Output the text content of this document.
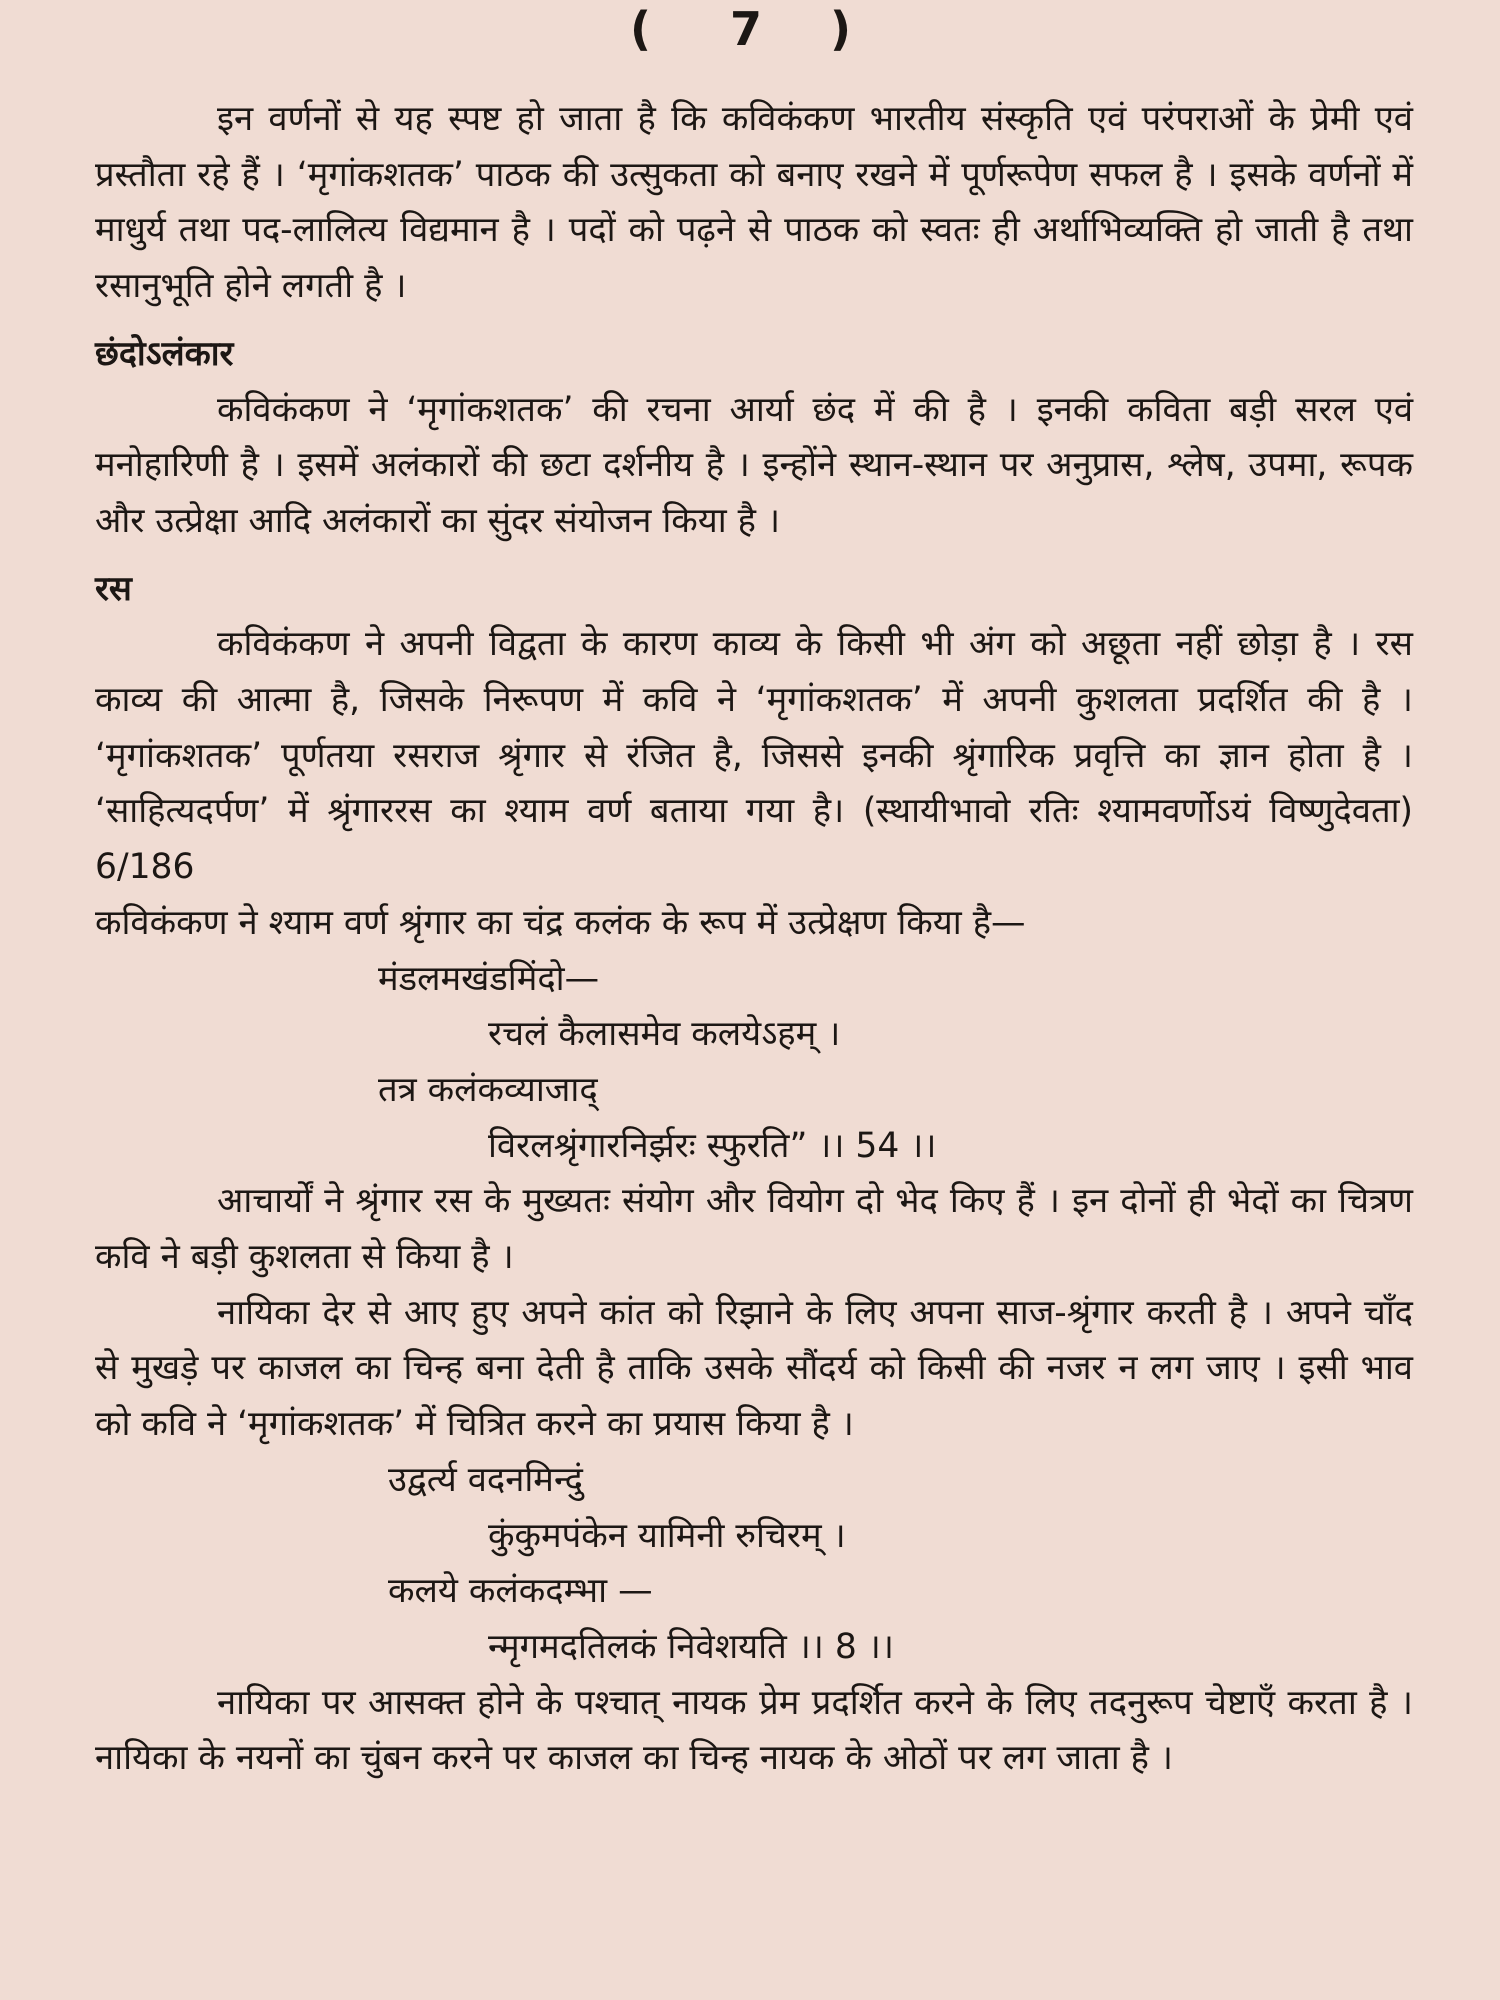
( 7 )

इन वर्णनों से यह स्पष्ट हो जाता है कि कविकंकण भारतीय संस्कृति एवं परंपराओं के प्रेमी एवं प्रस्तौता रहे हैं । ‘मृगांकशतक’ पाठक की उत्सुकता को बनाए रखने में पूर्णरूपेण सफल है । इसके वर्णनों में माधुर्य तथा पद-लालित्य विद्यमान है । पदों को पढ़ने से पाठक को स्वतः ही अर्थाभिव्यक्ति हो जाती है तथा रसानुभूति होने लगती है ।

छंदोऽलंकार

कविकंकण ने ‘मृगांकशतक’ की रचना आर्या छंद में की है । इनकी कविता बड़ी सरल एवं मनोहारिणी है । इसमें अलंकारों की छटा दर्शनीय है । इन्होंने स्थान-स्थान पर अनुप्रास, श्लेष, उपमा, रूपक और उत्प्रेक्षा आदि अलंकारों का सुंदर संयोजन किया है ।

रस

कविकंकण ने अपनी विद्वता के कारण काव्य के किसी भी अंग को अछूता नहीं छोड़ा है । रस काव्य की आत्मा है, जिसके निरूपण में कवि ने ‘मृगांकशतक’ में अपनी कुशलता प्रदर्शित की है । ‘मृगांकशतक’ पूर्णतया रसराज श्रृंगार से रंजित है, जिससे इनकी श्रृंगारिक प्रवृत्ति का ज्ञान होता है । ‘साहित्यदर्पण’ में श्रृंगाररस का श्याम वर्ण बताया गया है। (स्थायीभावो रतिः श्यामवर्णोऽयं विष्णुदेवता) 6/186

कविकंकण ने श्याम वर्ण श्रृंगार का चंद्र कलंक के रूप में उत्प्रेक्षण किया है—

मंडलमखंडमिंदो—

रचलं कैलासमेव कलयेऽहम् ।

तत्र कलंकव्याजाद्

विरलश्रृंगारनिर्झरः स्फुरति” ।। 54 ।।

आचार्यों ने श्रृंगार रस के मुख्यतः संयोग और वियोग दो भेद किए हैं । इन दोनों ही भेदों का चित्रण कवि ने बड़ी कुशलता से किया है ।

नायिका देर से आए हुए अपने कांत को रिझाने के लिए अपना साज-श्रृंगार करती है । अपने चाँद से मुखड़े पर काजल का चिन्ह बना देती है ताकि उसके सौंदर्य को किसी की नजर न लग जाए । इसी भाव को कवि ने ‘मृगांकशतक’ में चित्रित करने का प्रयास किया है ।

उद्वर्त्य वदनमिन्दुं

कुंकुमपंकेन यामिनी रुचिरम् ।

कलये कलंकदम्भा —

न्मृगमदतिलकं निवेशयति ।। 8 ।।

नायिका पर आसक्त होने के पश्चात् नायक प्रेम प्रदर्शित करने के लिए तदनुरूप चेष्टाएँ करता है । नायिका के नयनों का चुंबन करने पर काजल का चिन्ह नायक के ओठों पर लग जाता है ।
